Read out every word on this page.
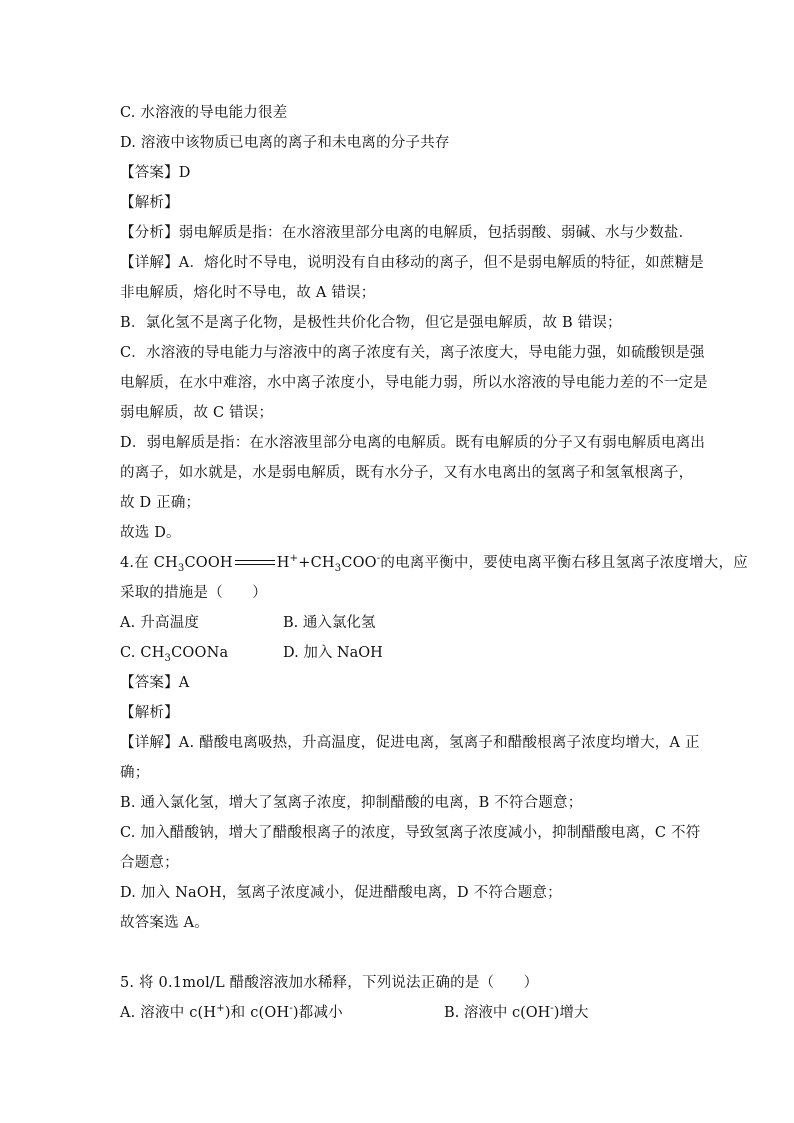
C. 水溶液的导电能力很差
D. 溶液中该物质已电离的离子和未电离的分子共存
【答案】D
【解析】
【分析】弱电解质是指：在水溶液里部分电离的电解质，包括弱酸、弱碱、水与少数盐．
【详解】A．熔化时不导电，说明没有自由移动的离子，但不是弱电解质的特征，如蔗糖是
非电解质，熔化时不导电，故 A 错误；
B．氯化氢不是离子化物，是极性共价化合物，但它是强电解质，故 B 错误；
C．水溶液的导电能力与溶液中的离子浓度有关，离子浓度大，导电能力强，如硫酸钡是强
电解质，在水中难溶，水中离子浓度小，导电能力弱，所以水溶液的导电能力差的不一定是
弱电解质，故 C 错误；
D．弱电解质是指：在水溶液里部分电离的电解质。既有电解质的分子又有弱电解质电离出
的离子，如水就是，水是弱电解质，既有水分子，又有水电离出的氢离子和氢氧根离子，
故 D 正确；
故选 D。
4.在 $CH_3COOH$	$H^++CH_3COO^-$的电离平衡中，要使电离平衡右移且氢离子浓度增大，应
采取的措施是（　　）
A. 升高温度	B. 通入氯化氢
C. $CH_3COONa$	D. 加入 NaOH
【答案】A
【解析】
【详解】A. 醋酸电离吸热，升高温度，促进电离，氢离子和醋酸根离子浓度均增大，A 正
确；
B. 通入氯化氢，增大了氢离子浓度，抑制醋酸的电离，B 不符合题意；
C. 加入醋酸钠，增大了醋酸根离子的浓度，导致氢离子浓度减小，抑制醋酸电离，C 不符
合题意；
D. 加入 NaOH，氢离子浓度减小，促进醋酸电离，D 不符合题意；
故答案选 A。
5. 将 0.1mol/L 醋酸溶液加水稀释，下列说法正确的是（　　）
A. 溶液中 c(H+)和 c(OH-)都减小	B. 溶液中 c(OH-)增大
